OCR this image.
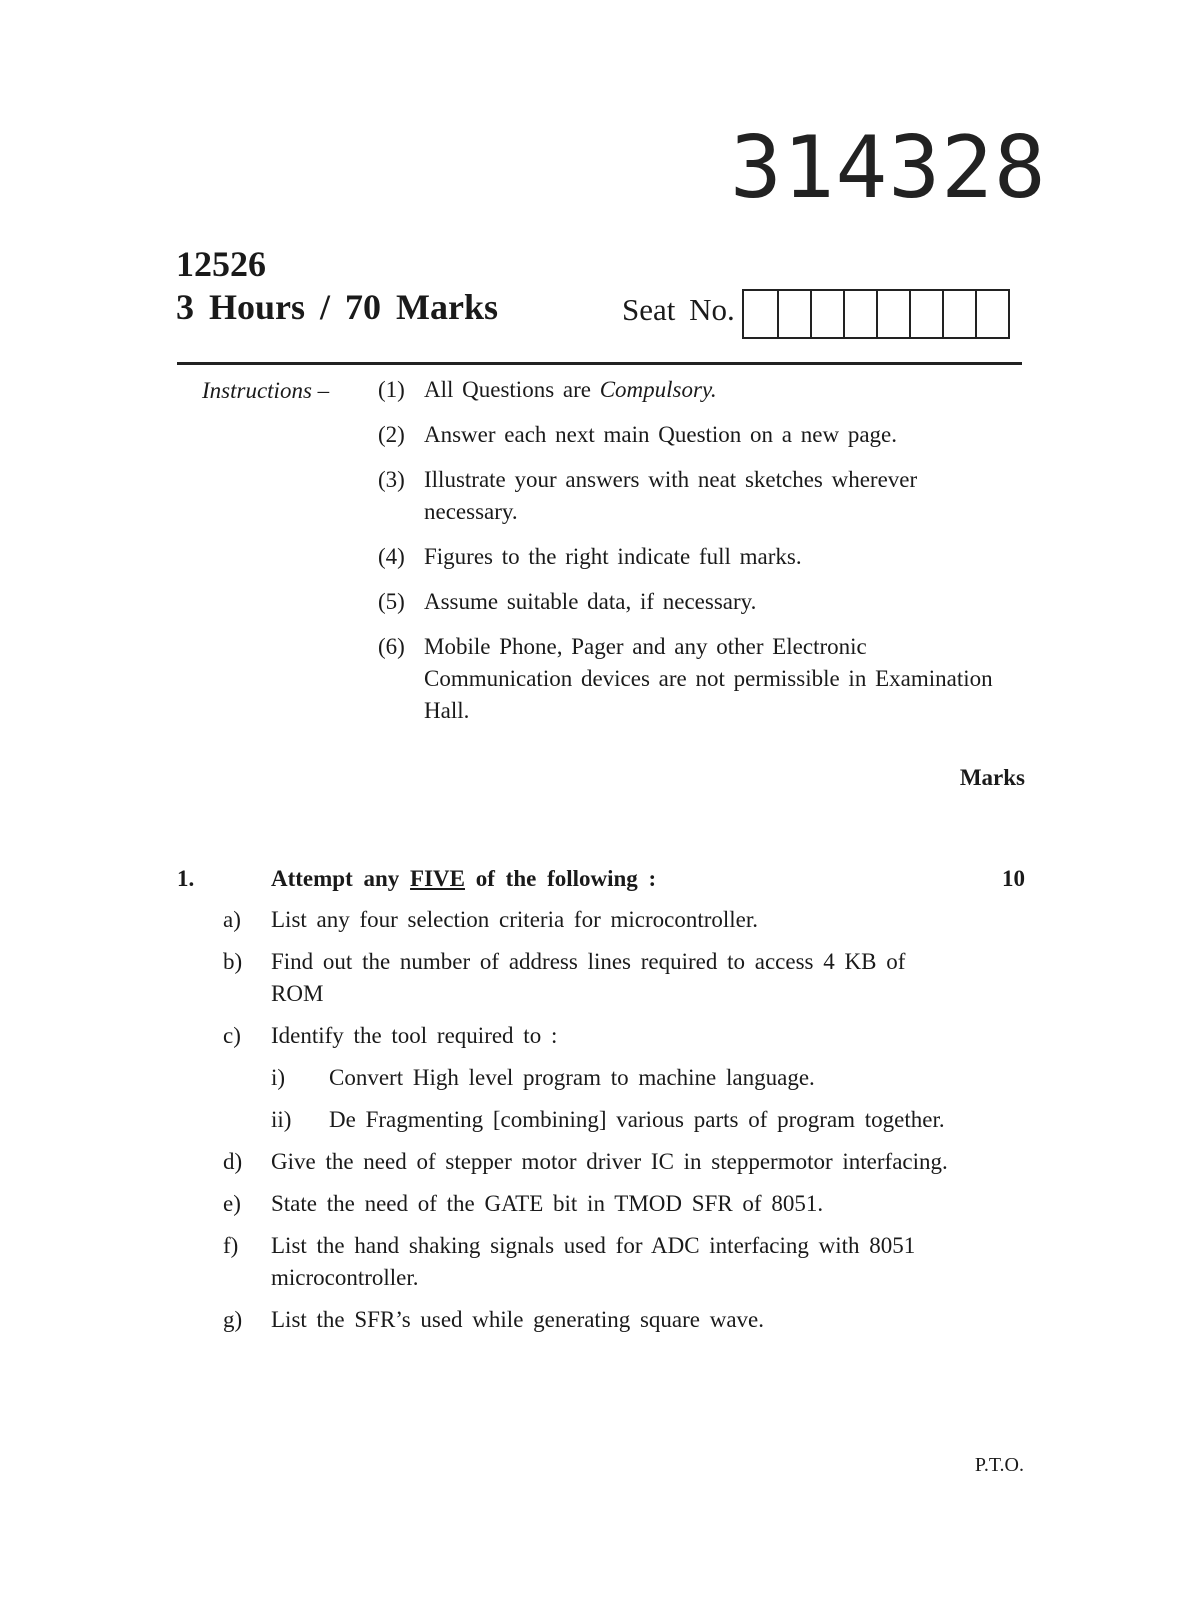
314328
12526
3 Hours / 70 Marks	Seat No.
Instructions – (1) All Questions are Compulsory.
(2) Answer each next main Question on a new page.
(3) Illustrate your answers with neat sketches wherever necessary.
(4) Figures to the right indicate full marks.
(5) Assume suitable data, if necessary.
(6) Mobile Phone, Pager and any other Electronic Communication devices are not permissible in Examination Hall.
Marks
1.	Attempt any FIVE of the following :	10
a)	List any four selection criteria for microcontroller.
b)	Find out the number of address lines required to access 4 KB of ROM
c)	Identify the tool required to :
i)	Convert High level program to machine language.
ii)	De Fragmenting [combining] various parts of program together.
d)	Give the need of stepper motor driver IC in steppermotor interfacing.
e)	State the need of the GATE bit in TMOD SFR of 8051.
f)	List the hand shaking signals used for ADC interfacing with 8051 microcontroller.
g)	List the SFR’s used while generating square wave.
P.T.O.
